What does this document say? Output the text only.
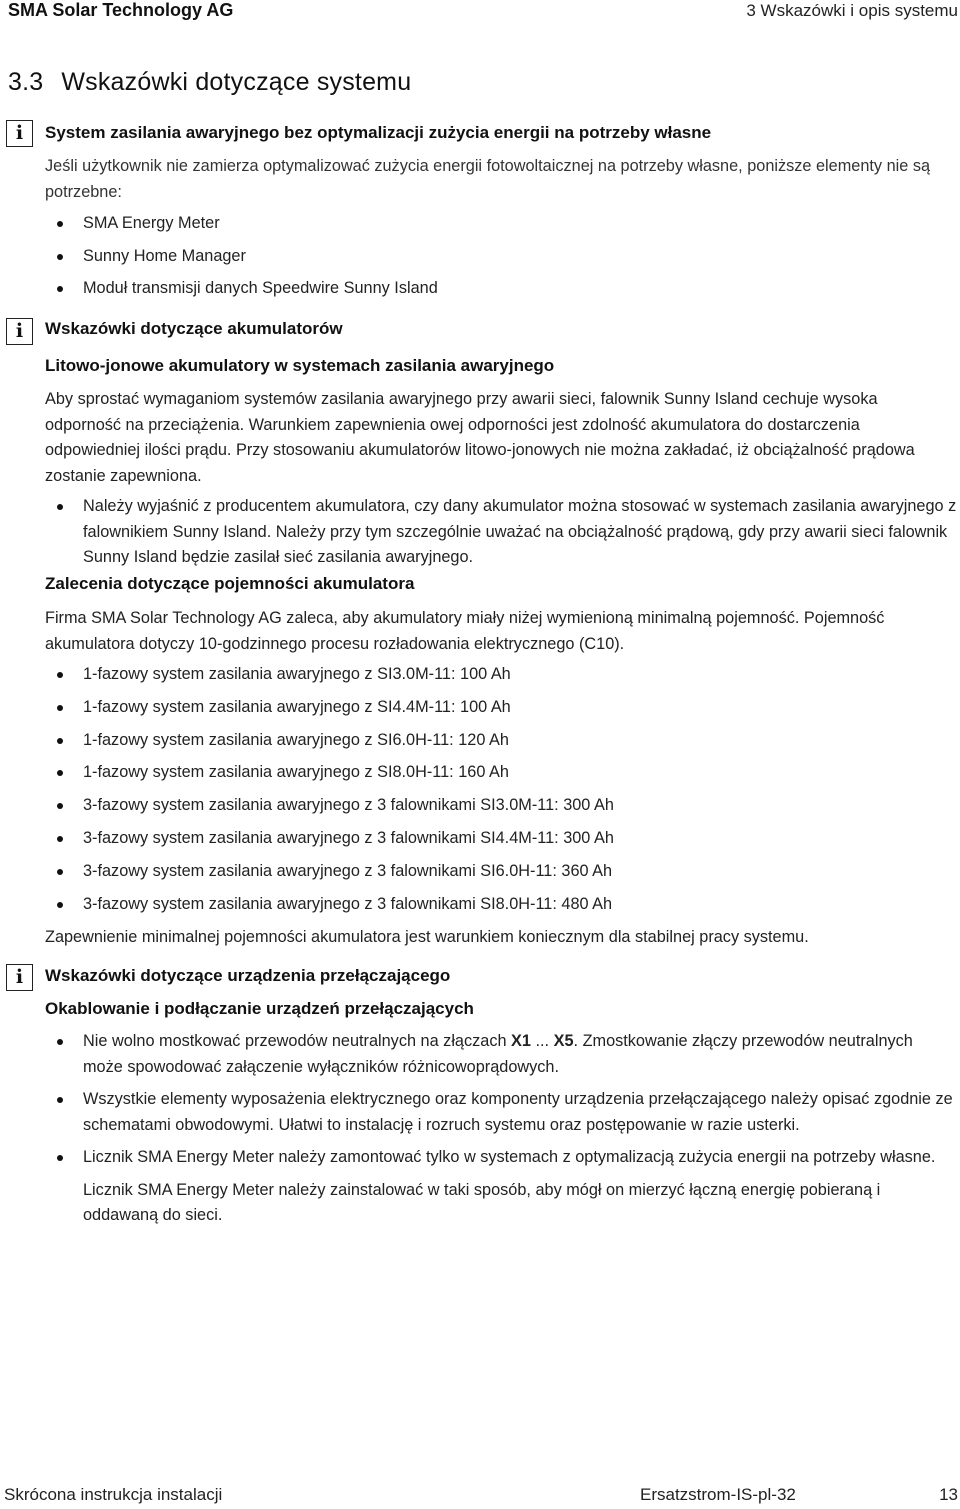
SMA Solar Technology AG	3 Wskazówki i opis systemu
3.3 Wskazówki dotyczące systemu
i	System zasilania awaryjnego bez optymalizacji zużycia energii na potrzeby własne
Jeśli użytkownik nie zamierza optymalizować zużycia energii fotowoltaicznej na potrzeby własne, poniższe elementy nie są potrzebne:
SMA Energy Meter
Sunny Home Manager
Moduł transmisji danych Speedwire Sunny Island
i	Wskazówki dotyczące akumulatorów
Litowo-jonowe akumulatory w systemach zasilania awaryjnego
Aby sprostać wymaganiom systemów zasilania awaryjnego przy awarii sieci, falownik Sunny Island cechuje wysoka odporność na przeciążenia. Warunkiem zapewnienia owej odporności jest zdolność akumulatora do dostarczenia odpowiedniej ilości prądu. Przy stosowaniu akumulatorów litowo-jonowych nie można zakładać, iż obciążalność prądowa zostanie zapewniona.
Należy wyjaśnić z producentem akumulatora, czy dany akumulator można stosować w systemach zasilania awaryjnego z falownikiem Sunny Island. Należy przy tym szczególnie uważać na obciążalność prądową, gdy przy awarii sieci falownik Sunny Island będzie zasilał sieć zasilania awaryjnego.
Zalecenia dotyczące pojemności akumulatora
Firma SMA Solar Technology AG zaleca, aby akumulatory miały niżej wymienioną minimalną pojemność. Pojemność akumulatora dotyczy 10-godzinnego procesu rozładowania elektrycznego (C10).
1-fazowy system zasilania awaryjnego z SI3.0M-11: 100 Ah
1-fazowy system zasilania awaryjnego z SI4.4M-11: 100 Ah
1-fazowy system zasilania awaryjnego z SI6.0H-11: 120 Ah
1-fazowy system zasilania awaryjnego z SI8.0H-11: 160 Ah
3-fazowy system zasilania awaryjnego z 3 falownikami SI3.0M-11: 300 Ah
3-fazowy system zasilania awaryjnego z 3 falownikami SI4.4M-11: 300 Ah
3-fazowy system zasilania awaryjnego z 3 falownikami SI6.0H-11: 360 Ah
3-fazowy system zasilania awaryjnego z 3 falownikami SI8.0H-11: 480 Ah
Zapewnienie minimalnej pojemności akumulatora jest warunkiem koniecznym dla stabilnej pracy systemu.
i	Wskazówki dotyczące urządzenia przełączającego
Okablowanie i podłączanie urządzeń przełączających
Nie wolno mostkować przewodów neutralnych na złączach X1 ... X5. Zmostkowanie złączy przewodów neutralnych może spowodować załączenie wyłączników różnicowoprądowych.
Wszystkie elementy wyposażenia elektrycznego oraz komponenty urządzenia przełączającego należy opisać zgodnie ze schematami obwodowymi. Ułatwi to instalację i rozruch systemu oraz postępowanie w razie usterki.
Licznik SMA Energy Meter należy zamontować tylko w systemach z optymalizacją zużycia energii na potrzeby własne.
Licznik SMA Energy Meter należy zainstalować w taki sposób, aby mógł on mierzyć łączną energię pobieraną i oddawaną do sieci.
Skrócona instrukcja instalacji	Ersatzstrom-IS-pl-32	13
